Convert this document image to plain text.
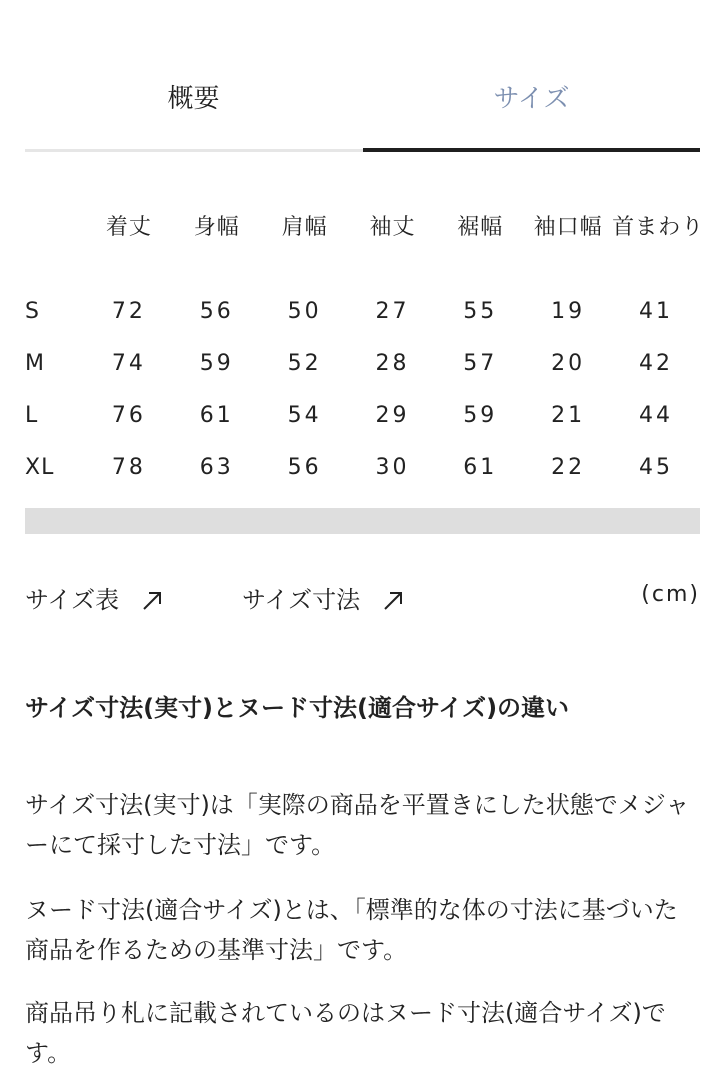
概要	サイズ
	着丈	身幅	肩幅	袖丈	裾幅	袖口幅	首まわり
S	72	56	50	27	55	19	41
M	74	59	52	28	57	20	42
L	76	61	54	29	59	21	44
XL	78	63	56	30	61	22	45
サイズ表	サイズ寸法	(cm)
サイズ寸法(実寸)とヌード寸法(適合サイズ)の違い
サイズ寸法(実寸)は「実際の商品を平置きにした状態でメジャーにて採寸した寸法」です。
ヌード寸法(適合サイズ)とは、「標準的な体の寸法に基づいた商品を作るための基準寸法」です。
商品吊り札に記載されているのはヌード寸法(適合サイズ)です。
